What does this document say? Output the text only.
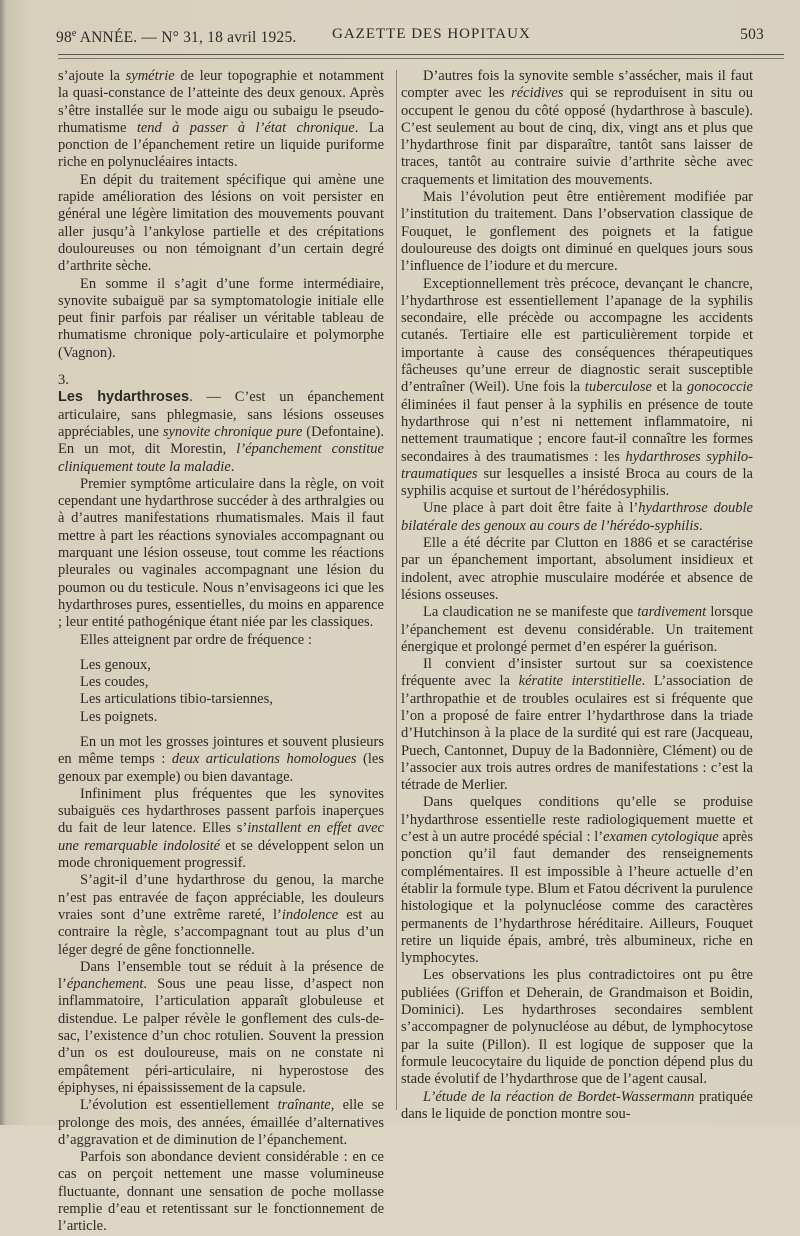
98e ANNÉE. — N° 31, 18 avril 1925. GAZETTE DES HOPITAUX	503

s’ajoute la symétrie de leur topographie et notamment la quasi-constance de l’atteinte des deux genoux. Après s’être installée sur le mode aigu ou subaigu le pseudo-rhumatisme tend à passer à l’état chronique. La ponction de l’épanchement retire un liquide puriforme riche en polynucléaires intacts.

En dépit du traitement spécifique qui amène une rapide amélioration des lésions on voit persister en général une légère limitation des mouvements pouvant aller jusqu’à l’ankylose partielle et des crépitations douloureuses ou non témoignant d’un certain degré d’arthrite sèche.

En somme il s’agit d’une forme intermédiaire, synovite subaiguë par sa symptomatologie initiale elle peut finir parfois par réaliser un véritable tableau de rhumatisme chronique poly-articulaire et polymorphe (Vagnon).

3.

Les hydarthroses. — C’est un épanchement articulaire, sans phlegmasie, sans lésions osseuses appréciables, une synovite chronique pure (Defontaine). En un mot, dit Morestin, l’épanchement constitue cliniquement toute la maladie.

Premier symptôme articulaire dans la règle, on voit cependant une hydarthrose succéder à des arthralgies ou à d’autres manifestations rhumatismales. Mais il faut mettre à part les réactions synoviales accompagnant ou marquant une lésion osseuse, tout comme les réactions pleurales ou vaginales accompagnant une lésion du poumon ou du testicule. Nous n’envisageons ici que les hydarthroses pures, essentielles, du moins en apparence ; leur entité pathogénique étant niée par les classiques.

Elles atteignent par ordre de fréquence :

Les genoux,
Les coudes,
Les articulations tibio-tarsiennes,
Les poignets.

En un mot les grosses jointures et souvent plusieurs en même temps : deux articulations homologues (les genoux par exemple) ou bien davantage.

Infiniment plus fréquentes que les synovites subaiguës ces hydarthroses passent parfois inaperçues du fait de leur latence. Elles s’installent en effet avec une remarquable indolosité et se développent selon un mode chroniquement progressif.

S’agit-il d’une hydarthrose du genou, la marche n’est pas entravée de façon appréciable, les douleurs vraies sont d’une extrême rareté, l’indolence est au contraire la règle, s’accompagnant tout au plus d’un léger degré de gêne fonctionnelle.

Dans l’ensemble tout se réduit à la présence de l’épanchement. Sous une peau lisse, d’aspect non inflammatoire, l’articulation apparaît globuleuse et distendue. Le palper révèle le gonflement des culs-de-sac, l’existence d’un choc rotulien. Souvent la pression d’un os est douloureuse, mais on ne constate ni empâtement péri-articulaire, ni hyperostose des épiphyses, ni épaississement de la capsule.

L’évolution est essentiellement traînante, elle se prolonge des mois, des années, émaillée d’alternatives d’aggravation et de diminution de l’épanchement.

Parfois son abondance devient considérable : en ce cas on perçoit nettement une masse volumineuse fluctuante, donnant une sensation de poche mollasse remplie d’eau et retentissant sur le fonctionnement de l’article.

D’autres fois la synovite semble s’assécher, mais il faut compter avec les récidives qui se reproduisent in situ ou occupent le genou du côté opposé (hydarthrose à bascule). C’est seulement au bout de cinq, dix, vingt ans et plus que l’hydarthrose finit par disparaître, tantôt sans laisser de traces, tantôt au contraire suivie d’arthrite sèche avec craquements et limitation des mouvements.

Mais l’évolution peut être entièrement modifiée par l’institution du traitement. Dans l’observation classique de Fouquet, le gonflement des poignets et la fatigue douloureuse des doigts ont diminué en quelques jours sous l’influence de l’iodure et du mercure.

Exceptionnellement très précoce, devançant le chancre, l’hydarthrose est essentiellement l’apanage de la syphilis secondaire, elle précède ou accompagne les accidents cutanés. Tertiaire elle est particulièrement torpide et importante à cause des conséquences thérapeutiques fâcheuses qu’une erreur de diagnostic serait susceptible d’entraîner (Weil). Une fois la tuberculose et la gonococcie éliminées il faut penser à la syphilis en présence de toute hydarthrose qui n’est ni nettement inflammatoire, ni nettement traumatique ; encore faut-il connaître les formes secondaires à des traumatismes : les hydarthroses syphilo-traumatiques sur lesquelles a insisté Broca au cours de la syphilis acquise et surtout de l’hérédosyphilis.

Une place à part doit être faite à l’hydarthrose double bilatérale des genoux au cours de l’hérédo-syphilis.

Elle a été décrite par Clutton en 1886 et se caractérise par un épanchement important, absolument insidieux et indolent, avec atrophie musculaire modérée et absence de lésions osseuses.

La claudication ne se manifeste que tardivement lorsque l’épanchement est devenu considérable. Un traitement énergique et prolongé permet d’en espérer la guérison.

Il convient d’insister surtout sur sa coexistence fréquente avec la kératite interstitielle. L’association de l’arthropathie et de troubles oculaires est si fréquente que l’on a proposé de faire entrer l’hydarthrose dans la triade d’Hutchinson à la place de la surdité qui est rare (Jacqueau, Puech, Cantonnet, Dupuy de la Badonnière, Clément) ou de l’associer aux trois autres ordres de manifestations : c’est la tétrade de Merlier.

Dans quelques conditions qu’elle se produise l’hydarthrose essentielle reste radiologiquement muette et c’est à un autre procédé spécial : l’examen cytologique après ponction qu’il faut demander des renseignements complémentaires. Il est impossible à l’heure actuelle d’en établir la formule type. Blum et Fatou décrivent la purulence histologique et la polynucléose comme des caractères permanents de l’hydarthrose héréditaire. Ailleurs, Fouquet retire un liquide épais, ambré, très albumineux, riche en lymphocytes.

Les observations les plus contradictoires ont pu être publiées (Griffon et Deherain, de Grandmaison et Boidin, Dominici). Les hydarthroses secondaires semblent s’accompagner de polynucléose au début, de lymphocytose par la suite (Pillon). Il est logique de supposer que la formule leucocytaire du liquide de ponction dépend plus du stade évolutif de l’hydarthrose que de l’agent causal.

L’étude de la réaction de Bordet-Wassermann pratiquée dans le liquide de ponction montre sou-
